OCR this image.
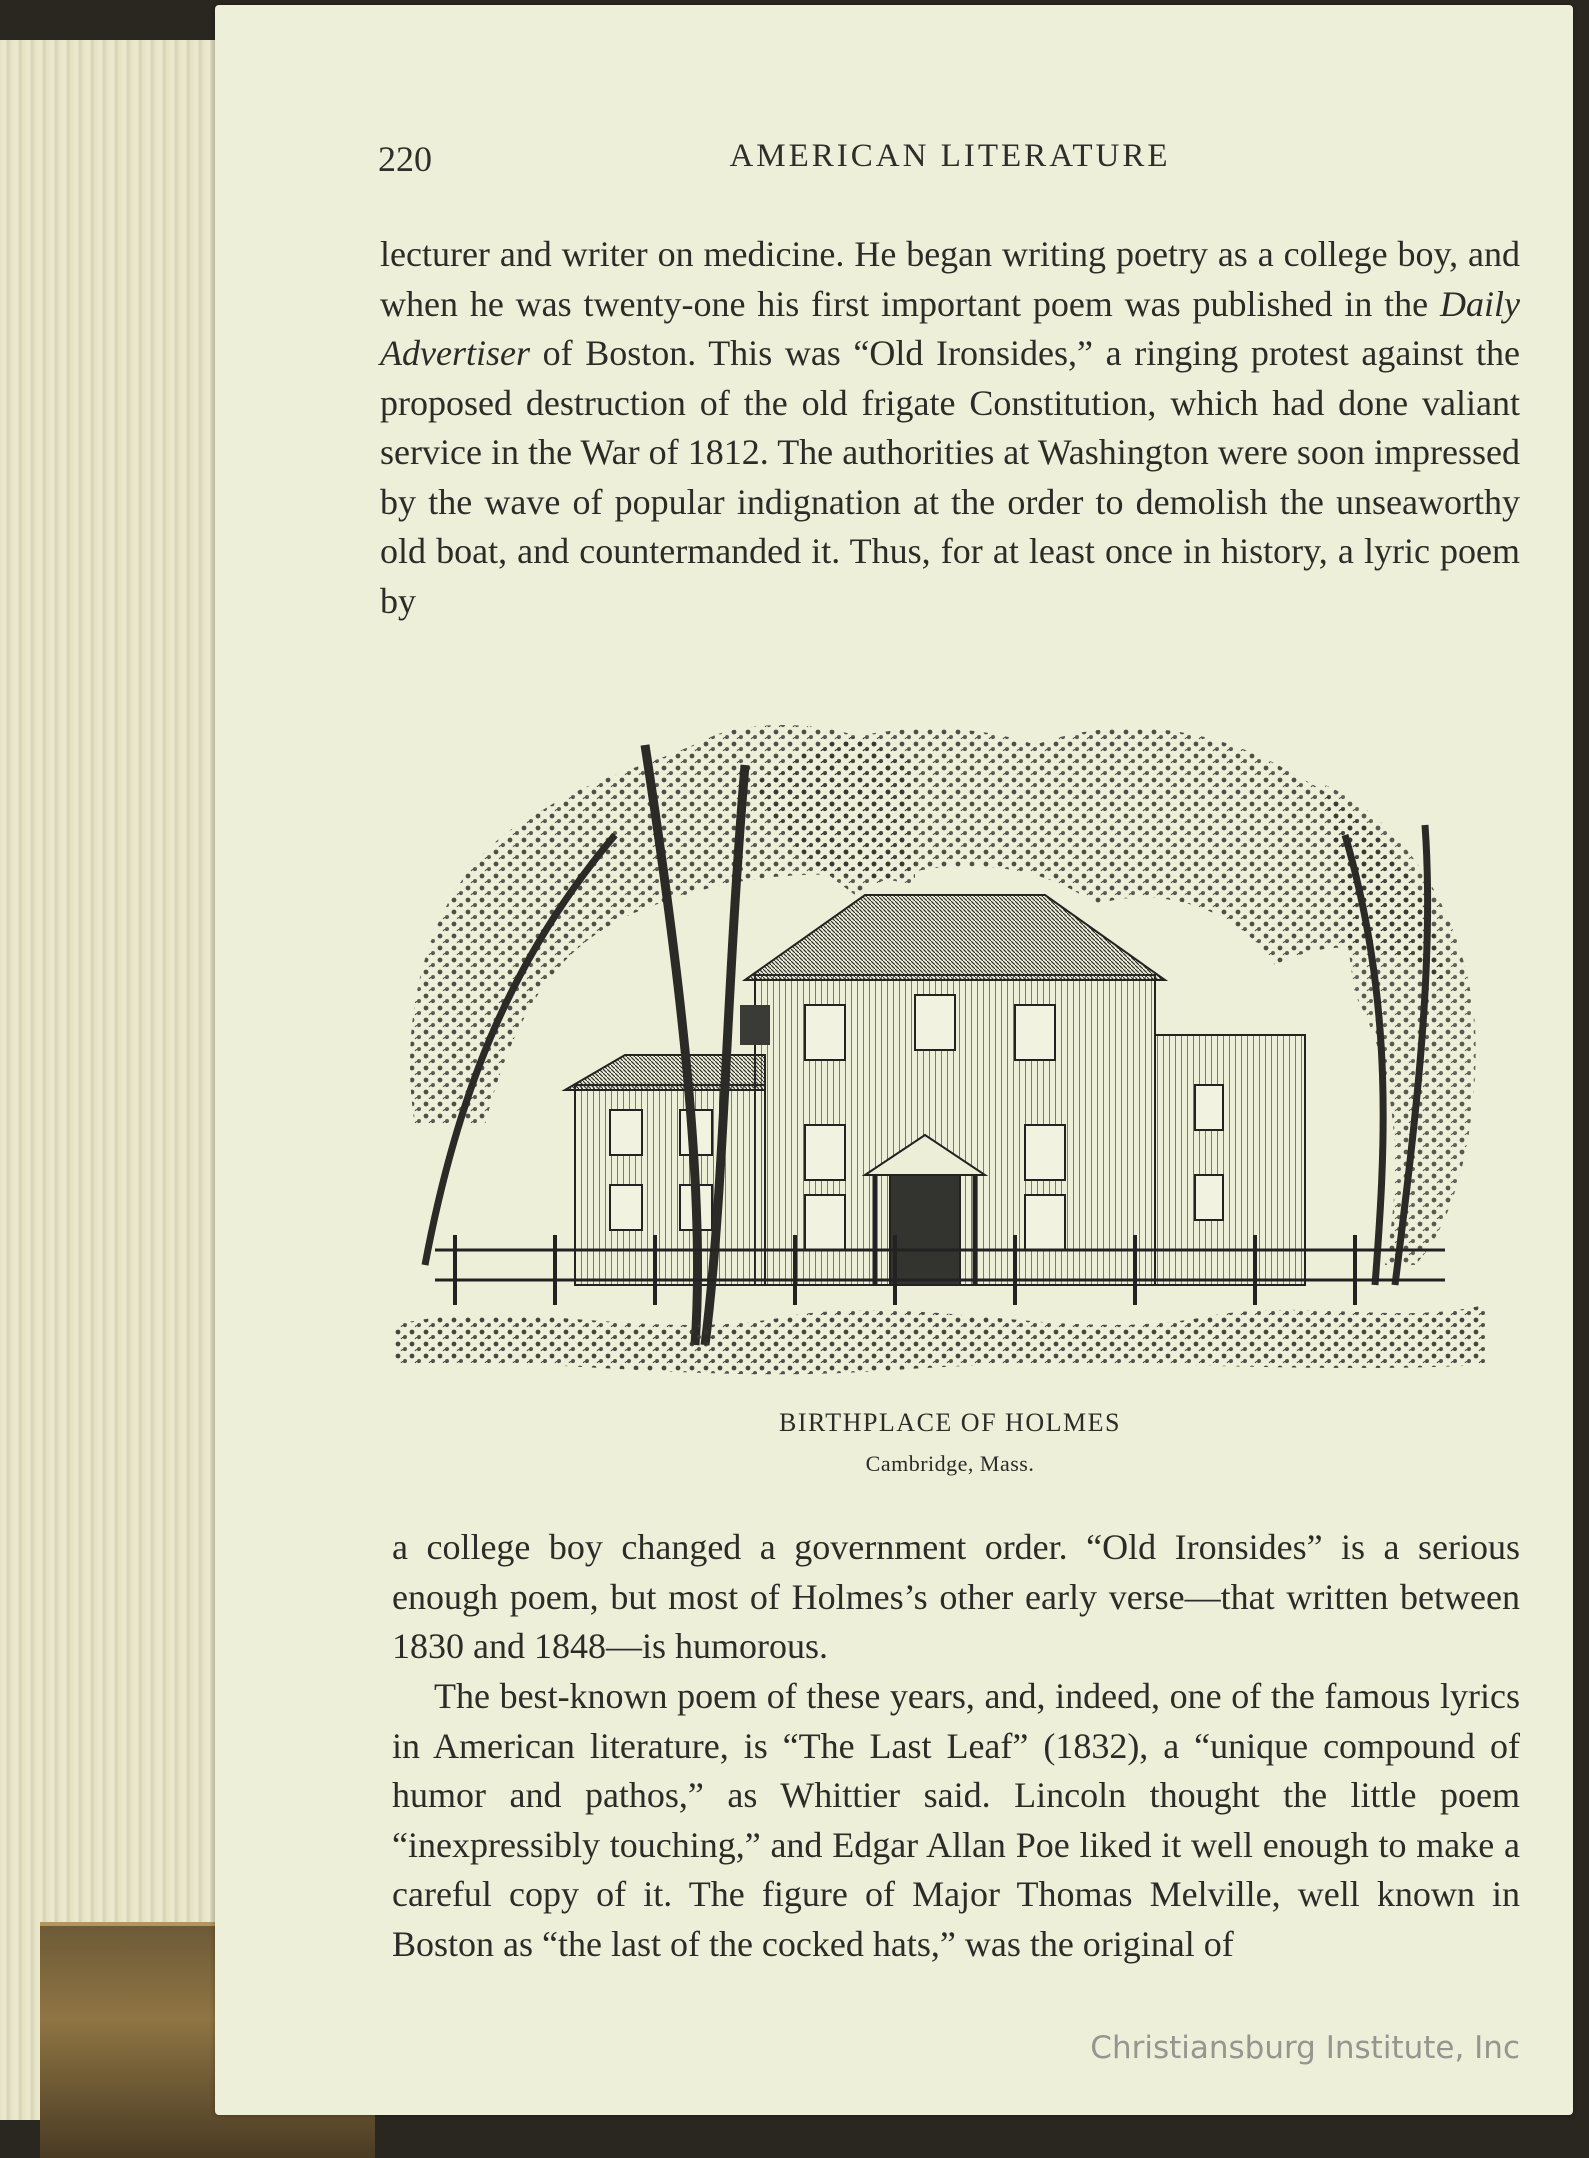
220	AMERICAN LITERATURE

lecturer and writer on medicine. He began writing poetry as a college boy, and when he was twenty-one his first important poem was published in the Daily Advertiser of Boston. This was “Old Ironsides,” a ringing protest against the proposed destruction of the old frigate Constitution, which had done valiant service in the War of 1812. The authorities at Washington were soon impressed by the wave of popular indignation at the order to demolish the unseaworthy old boat, and countermanded it. Thus, for at least once in history, a lyric poem by

BIRTHPLACE OF HOLMES
Cambridge, Mass.

a college boy changed a government order. “Old Ironsides” is a serious enough poem, but most of Holmes’s other early verse—that written between 1830 and 1848—is humorous.

The best-known poem of these years, and, indeed, one of the famous lyrics in American literature, is “The Last Leaf” (1832), a “unique compound of humor and pathos,” as Whittier said. Lincoln thought the little poem “inexpressibly touching,” and Edgar Allan Poe liked it well enough to make a careful copy of it. The figure of Major Thomas Melville, well known in Boston as “the last of the cocked hats,” was the original of

Christiansburg Institute, Inc
